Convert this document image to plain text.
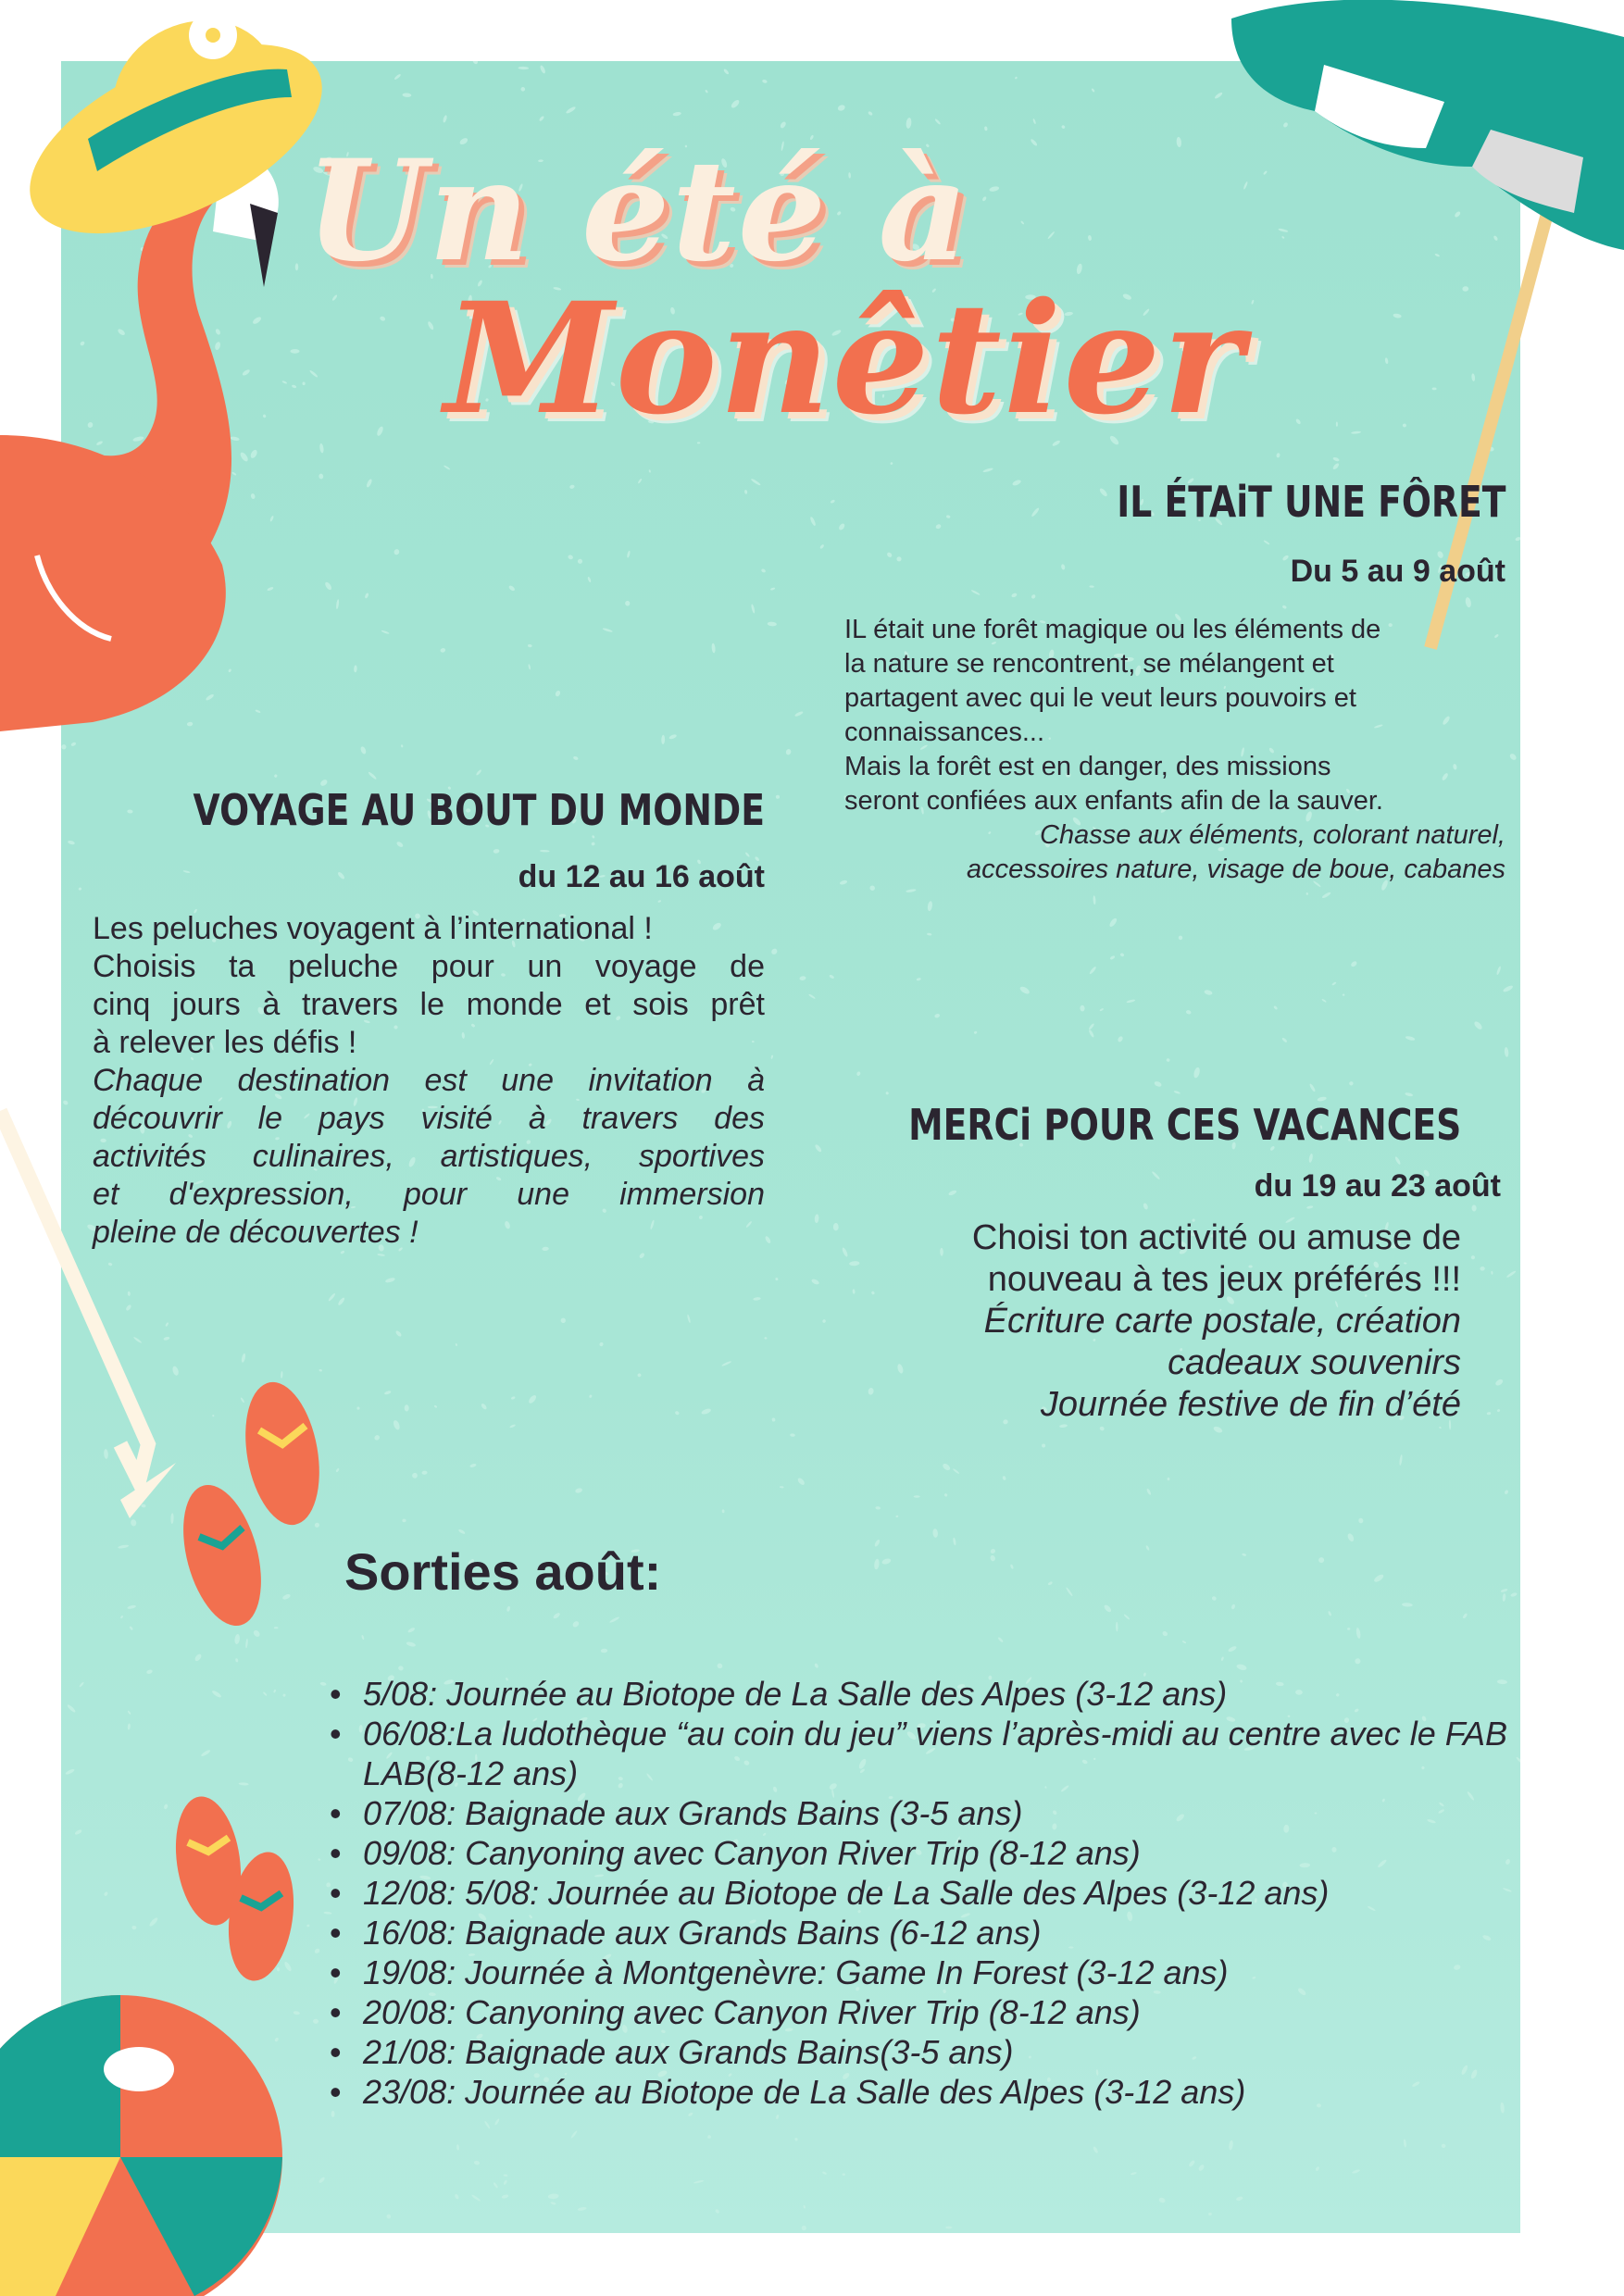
Un été à
Monêtier
IL ÉTAiT UNE FÔRET
Du 5 au 9 août
IL était une forêt magique ou les éléments de
la nature se rencontrent, se mélangent et
partagent avec qui le veut leurs pouvoirs et
connaissances...
Mais la forêt est en danger, des missions
seront confiées aux enfants afin de la sauver.
Chasse aux éléments, colorant naturel,
accessoires nature, visage de boue, cabanes
VOYAGE AU BOUT DU MONDE
du 12 au 16 août
Les peluches voyagent à l’international !
Choisis ta peluche pour un voyage de
cinq jours à travers le monde et sois prêt
à relever les défis !
Chaque destination est une invitation à
découvrir le pays visité à travers des
activités culinaires, artistiques, sportives
et d'expression, pour une immersion
pleine de découvertes !
MERCi POUR CES VACANCES
du 19 au 23 août
Choisi ton activité ou amuse de
nouveau à tes jeux préférés !!!
Écriture carte postale, création
cadeaux souvenirs
Journée festive de fin d’été
Sorties août:
• 5/08: Journée au Biotope de La Salle des Alpes (3-12 ans)
• 06/08:La ludothèque “au coin du jeu” viens l’après-midi au centre avec le FAB LAB(8-12 ans)
• 07/08: Baignade aux Grands Bains (3-5 ans)
• 09/08: Canyoning avec Canyon River Trip (8-12 ans)
• 12/08: 5/08: Journée au Biotope de La Salle des Alpes (3-12 ans)
• 16/08: Baignade aux Grands Bains (6-12 ans)
• 19/08: Journée à Montgenèvre: Game In Forest (3-12 ans)
• 20/08: Canyoning avec Canyon River Trip (8-12 ans)
• 21/08: Baignade aux Grands Bains(3-5 ans)
• 23/08: Journée au Biotope de La Salle des Alpes (3-12 ans)
